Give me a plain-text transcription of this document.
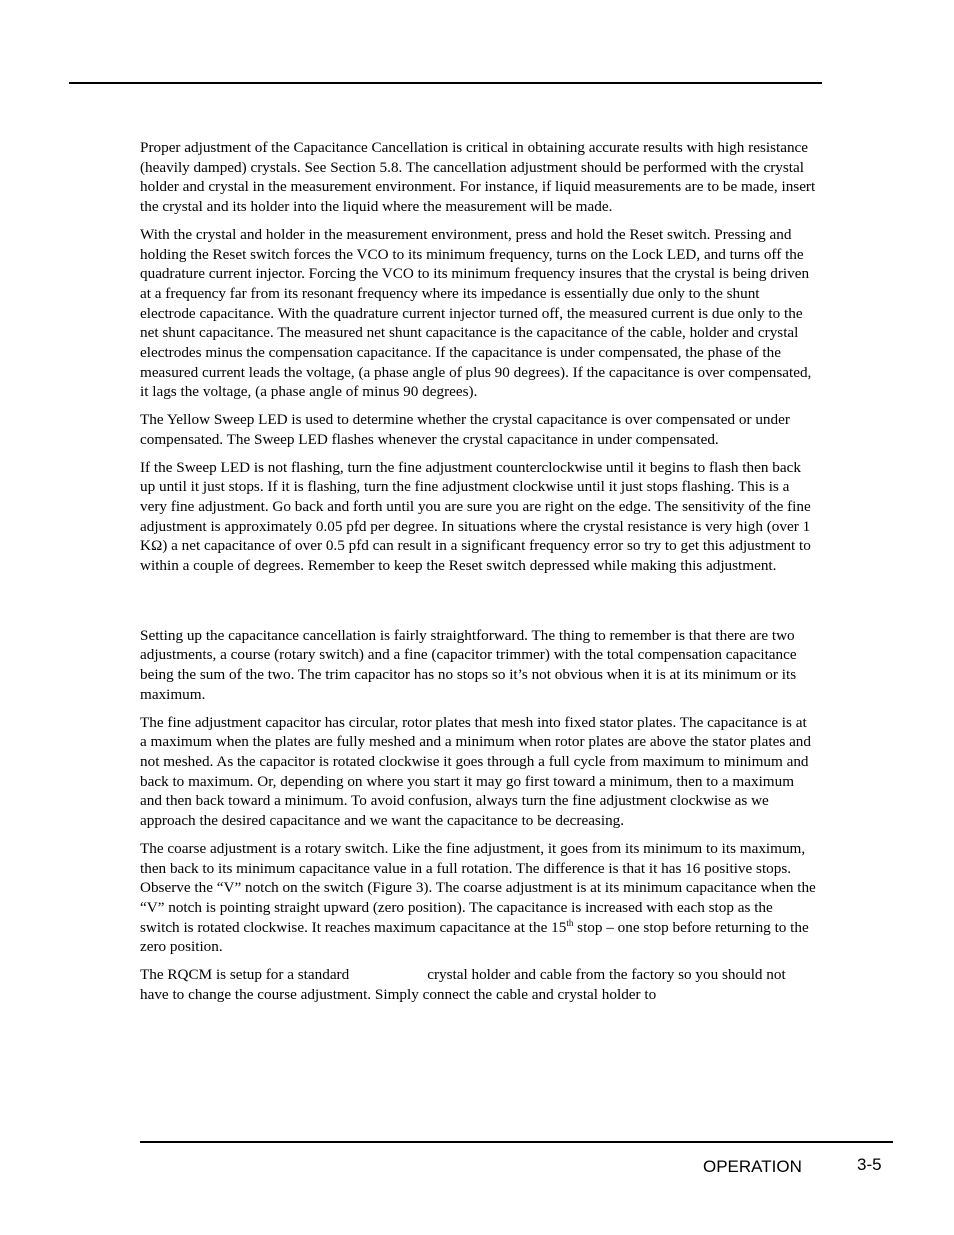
Proper adjustment of the Capacitance Cancellation is critical in obtaining accurate results with high resistance (heavily damped) crystals. See Section 5.8. The cancellation adjustment should be performed with the crystal holder and crystal in the measurement environment. For instance, if liquid measurements are to be made, insert the crystal and its holder into the liquid where the measurement will be made.

With the crystal and holder in the measurement environment, press and hold the Reset switch. Pressing and holding the Reset switch forces the VCO to its minimum frequency, turns on the Lock LED, and turns off the quadrature current injector. Forcing the VCO to its minimum frequency insures that the crystal is being driven at a frequency far from its resonant frequency where its impedance is essentially due only to the shunt electrode capacitance. With the quadrature current injector turned off, the measured current is due only to the net shunt capacitance. The measured net shunt capacitance is the capacitance of the cable, holder and crystal electrodes minus the compensation capacitance. If the capacitance is under compensated, the phase of the measured current leads the voltage, (a phase angle of plus 90 degrees). If the capacitance is over compensated, it lags the voltage, (a phase angle of minus 90 degrees).

The Yellow Sweep LED is used to determine whether the crystal capacitance is over compensated or under compensated. The Sweep LED flashes whenever the crystal capacitance in under compensated.

If the Sweep LED is not flashing, turn the fine adjustment counterclockwise until it begins to flash then back up until it just stops. If it is flashing, turn the fine adjustment clockwise until it just stops flashing. This is a very fine adjustment. Go back and forth until you are sure you are right on the edge. The sensitivity of the fine adjustment is approximately 0.05 pfd per degree. In situations where the crystal resistance is very high (over 1 KΩ) a net capacitance of over 0.5 pfd can result in a significant frequency error so try to get this adjustment to within a couple of degrees. Remember to keep the Reset switch depressed while making this adjustment.

Setting up the capacitance cancellation is fairly straightforward. The thing to remember is that there are two adjustments, a course (rotary switch) and a fine (capacitor trimmer) with the total compensation capacitance being the sum of the two. The trim capacitor has no stops so it’s not obvious when it is at its minimum or its maximum.

The fine adjustment capacitor has circular, rotor plates that mesh into fixed stator plates. The capacitance is at a maximum when the plates are fully meshed and a minimum when rotor plates are above the stator plates and not meshed. As the capacitor is rotated clockwise it goes through a full cycle from maximum to minimum and back to maximum. Or, depending on where you start it may go first toward a minimum, then to a maximum and then back toward a minimum. To avoid confusion, always turn the fine adjustment clockwise as we approach the desired capacitance and we want the capacitance to be decreasing.

The coarse adjustment is a rotary switch. Like the fine adjustment, it goes from its minimum to its maximum, then back to its minimum capacitance value in a full rotation. The difference is that it has 16 positive stops. Observe the “V” notch on the switch (Figure 3). The coarse adjustment is at its minimum capacitance when the “V” notch is pointing straight upward (zero position). The capacitance is increased with each stop as the switch is rotated clockwise. It reaches maximum capacitance at the 15th stop – one stop before returning to the zero position.

The RQCM is setup for a standard	crystal holder and cable from the factory so you should not have to change the course adjustment. Simply connect the cable and crystal holder to

OPERATION	3-5
